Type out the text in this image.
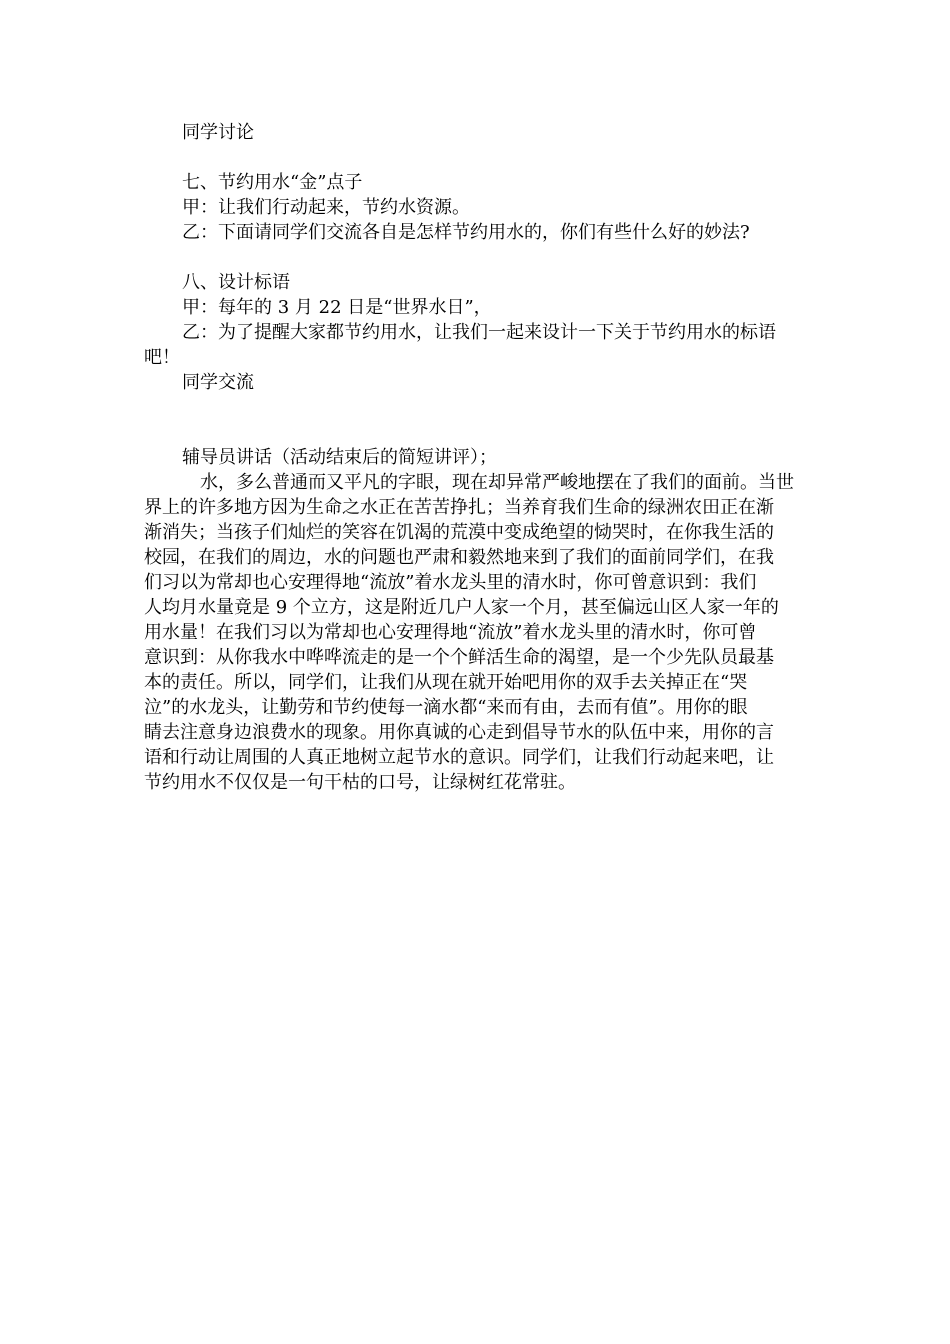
同学讨论
七、节约用水“金”点子
甲：让我们行动起来，节约水资源。
乙：下面请同学们交流各自是怎样节约用水的，你们有些什么好的妙法?
八、设计标语
甲：每年的 3 月 22 日是“世界水日”，
乙：为了提醒大家都节约用水，让我们一起来设计一下关于节约用水的标语
吧！
同学交流
辅导员讲话（活动结束后的简短讲评）；
水，多么普通而又平凡的字眼，现在却异常严峻地摆在了我们的面前。当世
界上的许多地方因为生命之水正在苦苦挣扎；当养育我们生命的绿洲农田正在渐
渐消失；当孩子们灿烂的笑容在饥渴的荒漠中变成绝望的恸哭时，在你我生活的
校园，在我们的周边，水的问题也严肃和毅然地来到了我们的面前同学们，在我
们习以为常却也心安理得地“流放”着水龙头里的清水时，你可曾意识到：我们
人均月水量竟是 9 个立方，这是附近几户人家一个月，甚至偏远山区人家一年的
用水量！在我们习以为常却也心安理得地“流放”着水龙头里的清水时，你可曾
意识到：从你我水中哗哗流走的是一个个鲜活生命的渴望，是一个少先队员最基
本的责任。所以，同学们，让我们从现在就开始吧用你的双手去关掉正在“哭
泣”的水龙头，让勤劳和节约使每一滴水都“来而有由，去而有值”。用你的眼
睛去注意身边浪费水的现象。用你真诚的心走到倡导节水的队伍中来，用你的言
语和行动让周围的人真正地树立起节水的意识。同学们，让我们行动起来吧，让
节约用水不仅仅是一句干枯的口号，让绿树红花常驻。
